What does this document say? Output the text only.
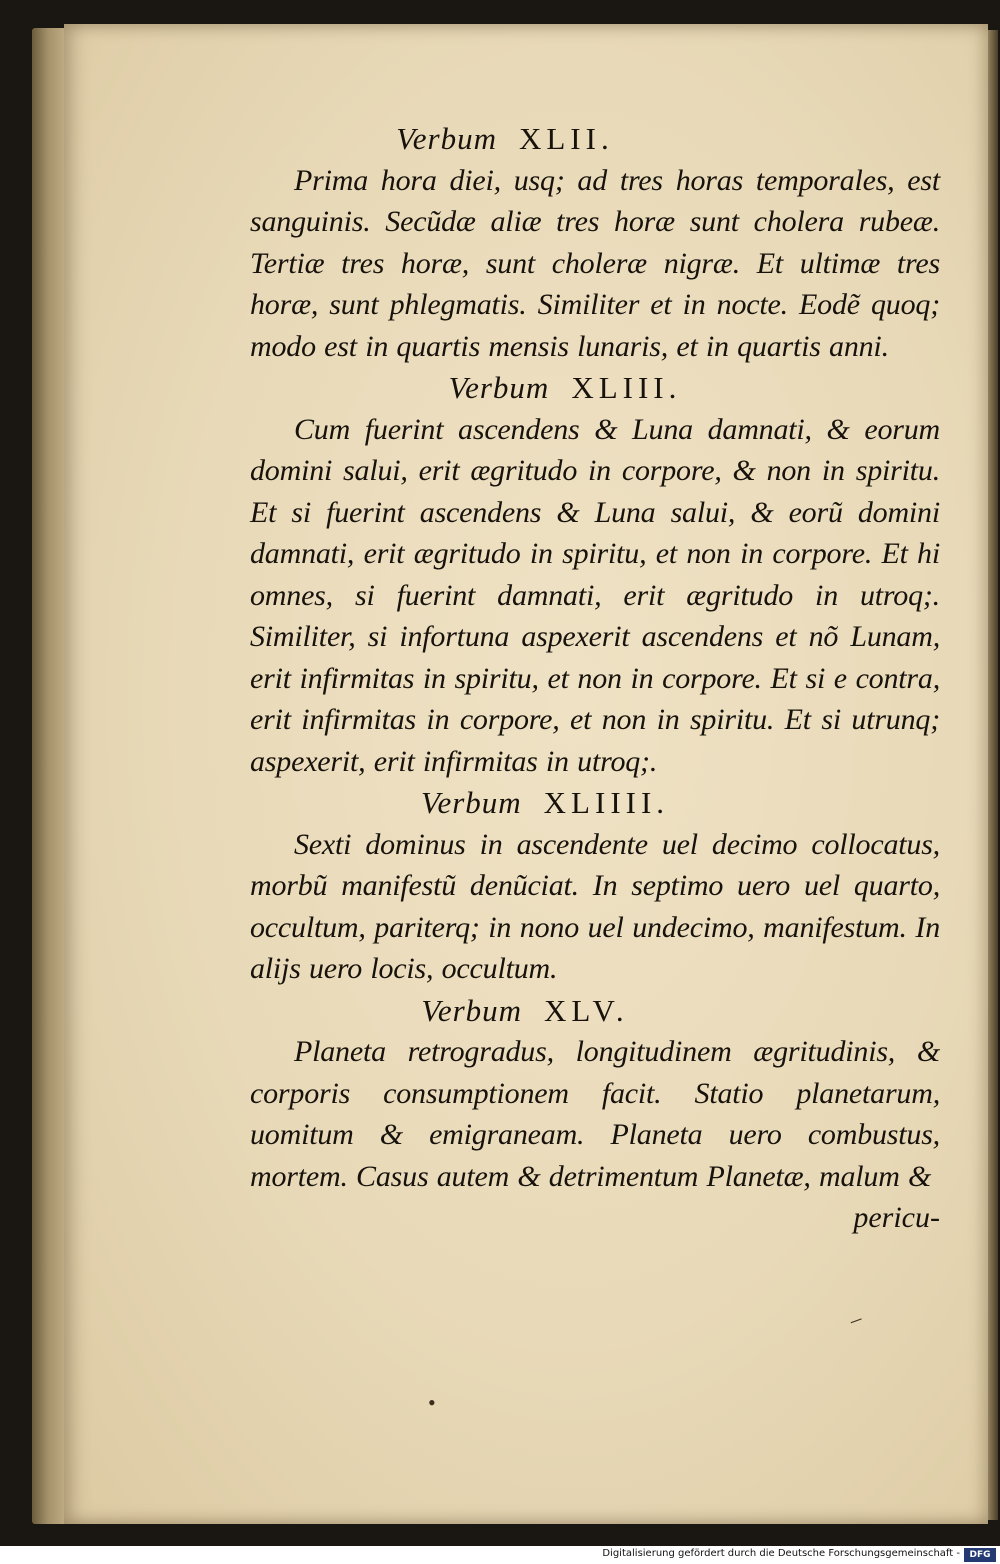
Verbum XLII.

Prima hora diei, usq; ad tres horas temporales, est sanguinis. Secũdæ aliæ tres horæ sunt cholera rubeæ. Tertiæ tres horæ, sunt choleræ nigræ. Et ultimæ tres horæ, sunt phlegmatis. Similiter et in nocte. Eodẽ quoq; modo est in quartis mensis lunaris, et in quartis anni.

Verbum XLIII.

Cum fuerint ascendens & Luna damnati, & eorum domini salui, erit ægritudo in corpore, & non in spiritu. Et si fuerint ascendens & Luna salui, & eorũ domini damnati, erit ægritudo in spiritu, et non in corpore. Et hi omnes, si fuerint damnati, erit ægritudo in utroq;. Similiter, si infortuna aspexerit ascendens et nõ Lunam, erit infirmitas in spiritu, et non in corpore. Et si e contra, erit infirmitas in corpore, et non in spiritu. Et si utrunq; aspexerit, erit infirmitas in utroq;.

Verbum XLIIII.

Sexti dominus in ascendente uel decimo collocatus, morbũ manifestũ denũciat. In septimo uero uel quarto, occultum, pariterq; in nono uel undecimo, manifestum. In alijs uero locis, occultum.

Verbum XLV.

Planeta retrogradus, longitudinem ægritudinis, & corporis consumptionem facit. Statio planetarum, uomitum & emigraneam. Planeta uero combustus, mortem. Casus autem & detrimentum Planetæ, malum &

pericu-

•
‒
Digitalisierung gefördert durch die Deutsche Forschungsgemeinschaft -	DFG
